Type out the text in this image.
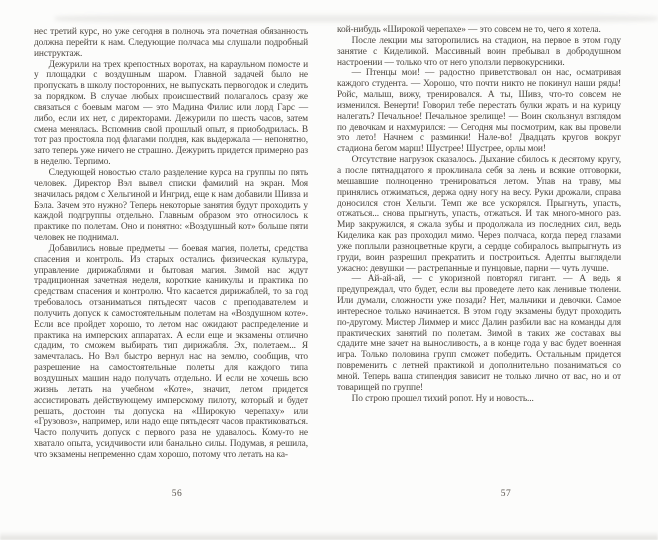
нес третий курс, но уже сегодня в полночь эта почетная обязанность должна перейти к нам. Следующие полчаса мы слушали подробный инструктаж.

Дежурили на трех крепостных воротах, на караульном помосте и у площадки с воздушным шаром. Главной задачей было не пропускать в школу посторонних, не выпускать первогодок и следить за порядком. В случае любых происшествий полагалось сразу же связаться с боевым магом — это Мадина Филис или лорд Гарс — либо, если их нет, с директорами. Дежурили по шесть часов, затем смена менялась. Вспомнив свой прошлый опыт, я приободрилась. В тот раз простояла под флагами полдня, как выдержала — непонятно, зато теперь уже ничего не страшно. Дежурить придется примерно раз в неделю. Терпимо.

Следующей новостью стало разделение курса на группы по пять человек. Директор Вэл вывел списки фамилий на экран. Моя значилась рядом с Хельгиной и Ингрид, еще к нам добавили Шивза и Бэла. Зачем это нужно? Теперь некоторые занятия будут проходить у каждой подгруппы отдельно. Главным образом это относилось к практике по полетам. Оно и понятно: «Воздушный кот» больше пяти человек не поднимал.

Добавились новые предметы — боевая магия, полеты, средства спасения и контроль. Из старых остались физическая культура, управление дирижаблями и бытовая магия. Зимой нас ждут традиционная зачетная неделя, короткие каникулы и практика по средствам спасения и контролю. Что касается дирижаблей, то за год требовалось отзаниматься пятьдесят часов с преподавателем и получить допуск к самостоятельным полетам на «Воздушном коте». Если все пройдет хорошо, то летом нас ожидают распределение и практика на имперских аппаратах. А если еще и экзамены отлично сдадим, то сможем выбирать тип дирижабля. Эх, полетаем... Я замечталась. Но Вэл быстро вернул нас на землю, сообщив, что разрешение на самостоятельные полеты для каждого типа воздушных машин надо получать отдельно. И если не хочешь всю жизнь летать на учебном «Коте», значит, летом придется ассистировать действующему имперскому пилоту, который и будет решать, достоин ты допуска на «Широкую черепаху» или «Грузовоз», например, или надо еще пятьдесят часов практиковаться. Часто получить допуск с первого раза не удавалось. Кому-то не хватало опыта, усидчивости или банально силы. Подумав, я решила, что экзамены непременно сдам хорошо, потому что летать на ка-

кой-нибудь «Широкой черепахе» — это совсем не то, чего я хотела.

После лекции мы заторопились на стадион, на первое в этом году занятие с Киделикой. Массивный воин пребывал в добродушном настроении — только что от него уползли первокурсники.

— Птенцы мои! — радостно приветствовал он нас, осматривая каждого студента. — Хорошо, что почти никто не покинул наши ряды! Ройс, малыш, вижу, тренировался. А ты, Шивз, что-то совсем не изменился. Венерти! Говорил тебе перестать булки жрать и на курицу налегать? Печальное! Печальное зрелище! — Воин скользнул взглядом по девочкам и нахмурился: — Сегодня мы посмотрим, как вы провели это лето! Начнем с разминки! Нале-во! Двадцать кругов вокруг стадиона бегом марш! Шустрее! Шустрее, орлы мои!

Отсутствие нагрузок сказалось. Дыхание сбилось к десятому кругу, а после пятнадцатого я проклинала себя за лень и всякие отговорки, мешавшие полноценно тренироваться летом. Упав на траву, мы принялись отжиматься, держа одну ногу на весу. Руки дрожали, справа доносился стон Хельги. Темп же все ускорялся. Прыгнуть, упасть, отжаться... снова прыгнуть, упасть, отжаться. И так много-много раз. Мир закружился, я сжала зубы и продолжала из последних сил, ведь Киделика как раз проходил мимо. Через полчаса, когда перед глазами уже поплыли разноцветные круги, а сердце собиралось выпрыгнуть из груди, воин разрешил прекратить и построиться. Адепты выглядели ужасно: девушки — растрепанные и пунцовые, парни — чуть лучше.

— Ай-ай-ай, — с укоризной повторял гигант. — А ведь я предупреждал, что будет, если вы проведете лето как ленивые тюлени. Или думали, сложности уже позади? Нет, мальчики и девочки. Самое интересное только начинается. В этом году экзамены будут проходить по-другому. Мистер Лиммер и мисс Далин разбили вас на команды для практических занятий по полетам. Зимой в таких же составах вы сдадите мне зачет на выносливость, а в конце года у вас будет военная игра. Только половина групп сможет победить. Остальным придется повременить с летней практикой и дополнительно позаниматься со мной. Теперь ваша стипендия зависит не только лично от вас, но и от товарищей по группе!

По строю прошел тихий ропот. Ну и новость...

56	57
